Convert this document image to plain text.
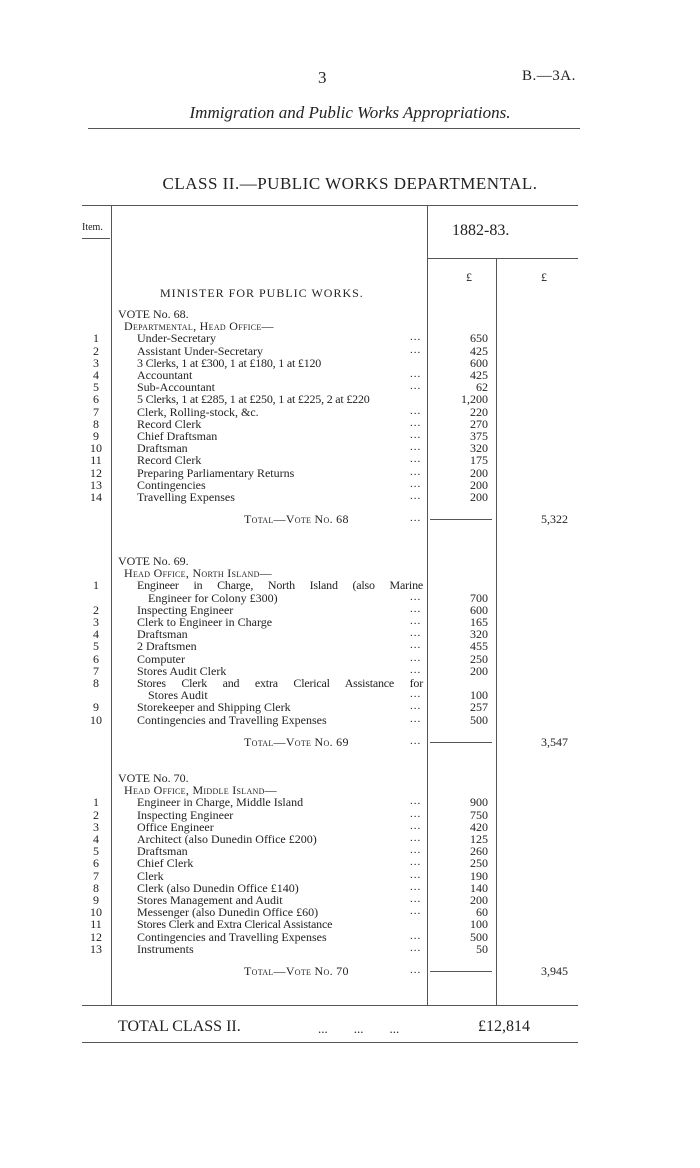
3	B.—3A.
Immigration and Public Works Appropriations.
CLASS II.—PUBLIC WORKS DEPARTMENTAL.
Item.	1882-83.
£	£
MINISTER FOR PUBLIC WORKS.
VOTE No. 68.
Departmental, Head Office—
1	Under-Secretary	...	650
2	Assistant Under-Secretary	...	425
3	3 Clerks, 1 at £300, 1 at £180, 1 at £120	600
4	Accountant	...	425
5	Sub-Accountant	...	62
6	5 Clerks, 1 at £285, 1 at £250, 1 at £225, 2 at £220	1,200
7	Clerk, Rolling-stock, &c.	...	220
8	Record Clerk	...	270
9	Chief Draftsman	...	375
10	Draftsman	...	320
11	Record Clerk	...	175
12	Preparing Parliamentary Returns	...	200
13	Contingencies	...	200
14	Travelling Expenses	...	200
Total—Vote No. 68	...	5,322
VOTE No. 69.
Head Office, North Island—
1	Engineer in Charge, North Island (also Marine
Engineer for Colony £300)	...	700
2	Inspecting Engineer	...	600
3	Clerk to Engineer in Charge	...	165
4	Draftsman	...	320
5	2 Draftsmen	...	455
6	Computer	...	250
7	Stores Audit Clerk	...	200
8	Stores Clerk and extra Clerical Assistance for
Stores Audit	...	100
9	Storekeeper and Shipping Clerk	...	257
10	Contingencies and Travelling Expenses	...	500
Total—Vote No. 69	...	3,547
VOTE No. 70.
Head Office, Middle Island—
1	Engineer in Charge, Middle Island	...	900
2	Inspecting Engineer	...	750
3	Office Engineer	...	420
4	Architect (also Dunedin Office £200)	...	125
5	Draftsman	...	260
6	Chief Clerk	...	250
7	Clerk	...	190
8	Clerk (also Dunedin Office £140)	...	140
9	Stores Management and Audit	...	200
10	Messenger (also Dunedin Office £60)	...	60
11	Stores Clerk and Extra Clerical Assistance	100
12	Contingencies and Travelling Expenses	...	500
13	Instruments	...	50
Total—Vote No. 70	...	3,945
TOTAL CLASS II.	...        ...        ...	£12,814
